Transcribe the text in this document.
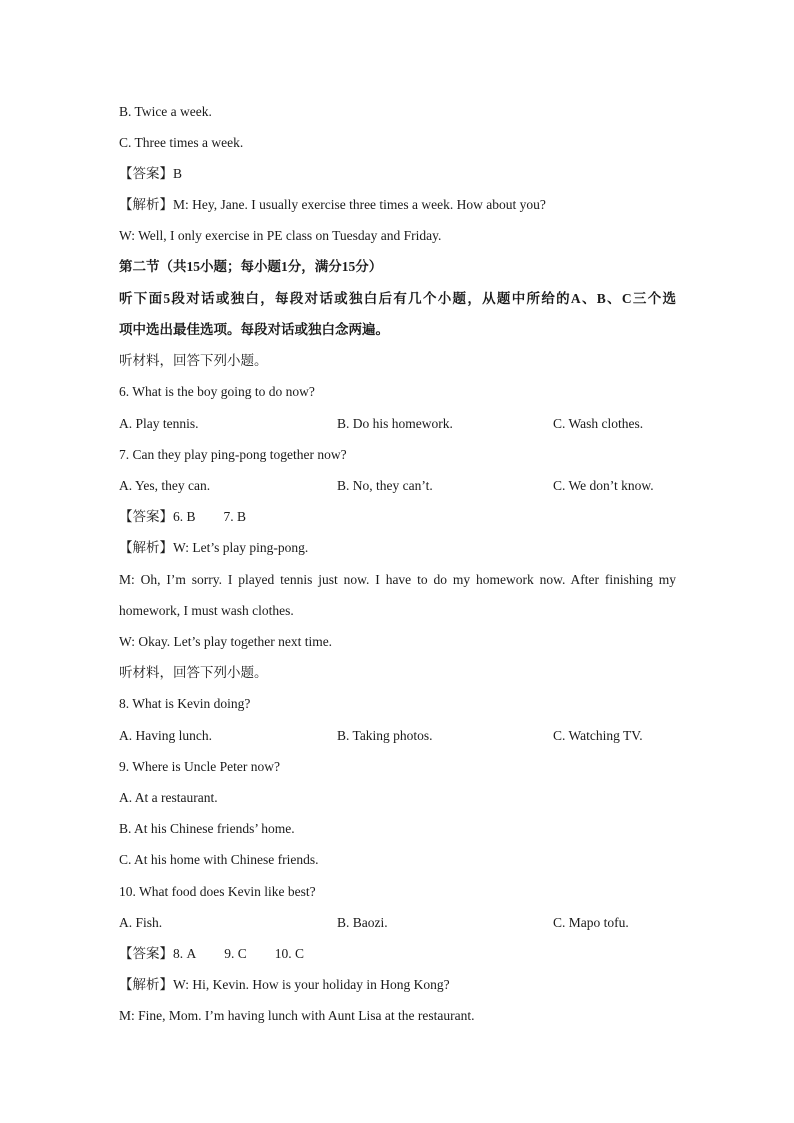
B. Twice a week.
C. Three times a week.
【答案】B
【解析】M: Hey, Jane. I usually exercise three times a week. How about you?
W: Well, I only exercise in PE class on Tuesday and Friday.
第二节（共15小题；每小题1分，满分15分）
听下面5段对话或独白，每段对话或独白后有几个小题，从题中所给的A、B、C三个选
项中选出最佳选项。每段对话或独白念两遍。
听材料，回答下列小题。
6. What is the boy going to do now?
A. Play tennis.	B. Do his homework.	C. Wash clothes.
7. Can they play ping-pong together now?
A. Yes, they can.	B. No, they can’t.	C. We don’t know.
【答案】6. B 7. B
【解析】W: Let’s play ping-pong.
M: Oh, I’m sorry. I played tennis just now. I have to do my homework now. After finishing my
homework, I must wash clothes.
W: Okay. Let’s play together next time.
听材料，回答下列小题。
8. What is Kevin doing?
A. Having lunch.	B. Taking photos.	C. Watching TV.
9. Where is Uncle Peter now?
A. At a restaurant.
B. At his Chinese friends’ home.
C. At his home with Chinese friends.
10. What food does Kevin like best?
A. Fish.	B. Baozi.	C. Mapo tofu.
【答案】8. A 9. C 10. C
【解析】W: Hi, Kevin. How is your holiday in Hong Kong?
M: Fine, Mom. I’m having lunch with Aunt Lisa at the restaurant.
